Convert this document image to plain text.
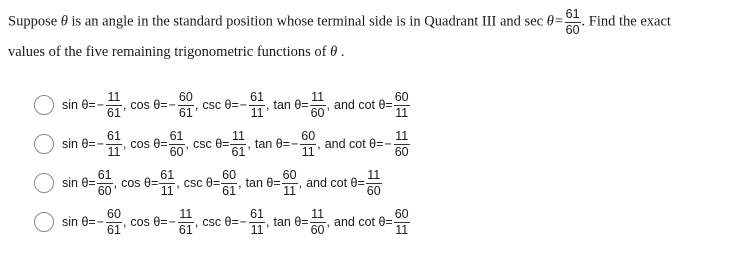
Suppose θ is an angle in the standard position whose terminal side is in Quadrant III and $\sec \theta= \frac{61}{60}$ . Find the exact
values of the five remaining trigonometric functions of θ .
$\sin \theta= - \frac{11}{61}$ , $\cos \theta= - \frac{60}{61}$ , $\csc \theta= - \frac{61}{11}$ , $\tan \theta= \frac{11}{60}$ , and $\cot \theta= \frac{60}{11}$
$\sin \theta= - \frac{61}{11}$ , $\cos \theta= \frac{61}{60}$ , $\csc \theta= \frac{11}{61}$ , $\tan \theta= - \frac{60}{11}$ , and $\cot \theta= - \frac{11}{60}$
$\sin \theta= \frac{61}{60}$ , $\cos \theta= \frac{61}{11}$ , $\csc \theta= \frac{60}{61}$ , $\tan \theta= \frac{60}{11}$ , and $\cot \theta= \frac{11}{60}$
$\sin \theta= - \frac{60}{61}$ , $\cos \theta= - \frac{11}{61}$ , $\csc \theta= - \frac{61}{11}$ , $\tan \theta= \frac{11}{60}$ , and $\cot \theta= \frac{60}{11}$
